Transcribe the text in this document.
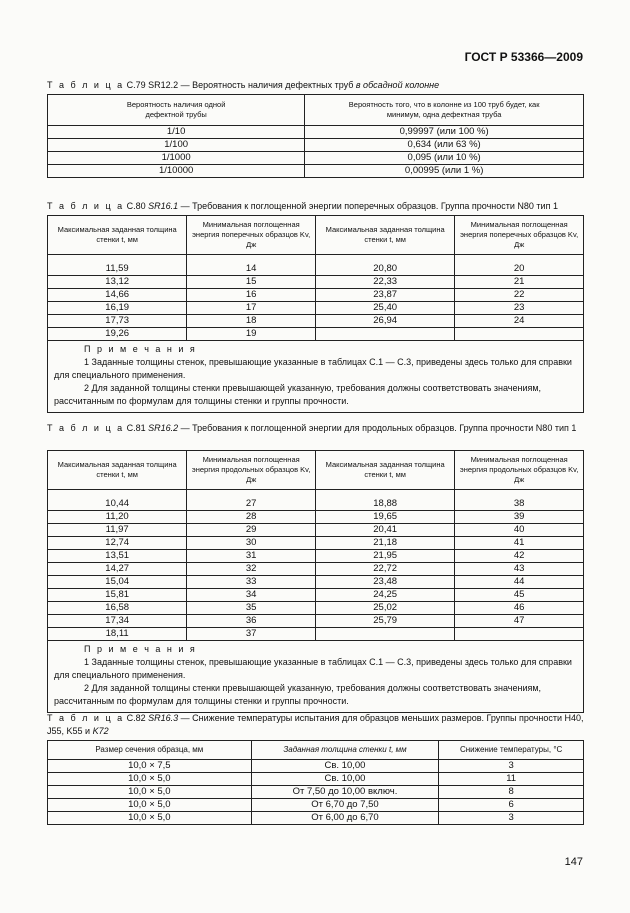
ГОСТ Р 53366—2009
Т а б л и ц а С.79 SR12.2 — Вероятность наличия дефектных труб в обсадной колонне
Вероятность наличия одной дефектной трубы	Вероятность того, что в колонне из 100 труб будет, как минимум, одна дефектная труба
1/10	0,99997 (или 100 %)
1/100	0,634 (или 63 %)
1/1000	0,095 (или 10 %)
1/10000	0,00995 (или 1 %)
Т а б л и ц а С.80 SR16.1 — Требования к поглощенной энергии поперечных образцов. Группа прочности N80 тип 1
Максимальная заданная толщина стенки t, мм	Минимальная поглощенная энергия поперечных образцов Kv, Дж	Максимальная заданная толщина стенки t, мм	Минимальная поглощенная энергия поперечных образцов Kv, Дж

11,59	14	20,80	20
13,12	15	22,33	21
14,66	16	23,87	22
16,19	17	25,40	23
17,73	18	26,94	24
19,26	19		

П р и м е ч а н и я

1 Заданные толщины стенок, превышающие указанные в таблицах С.1 — С.3, приведены здесь только для справки для специального применения.

2 Для заданной толщины стенки превышающей указанную, требования должны соответствовать значениям, рассчитанным по формулам для толщины стенки и группы прочности.			

Т а б л и ц а С.81 SR16.2 — Требования к поглощенной энергии для продольных образцов. Группа прочности N80 тип 1
Максимальная заданная толщина стенки t, мм	Минимальная поглощенная энергия продольных образцов Kv, Дж	Максимальная заданная толщина стенки t, мм	Минимальная поглощенная энергия продольных образцов Kv, Дж

10,44	27	18,88	38
11,20	28	19,65	39
11,97	29	20,41	40
12,74	30	21,18	41
13,51	31	21,95	42
14,27	32	22,72	43
15,04	33	23,48	44
15,81	34	24,25	45
16,58	35	25,02	46
17,34	36	25,79	47
18,11	37		

П р и м е ч а н и я

1 Заданные толщины стенок, превышающие указанные в таблицах С.1 — С.3, приведены здесь только для справки для специального применения.

2 Для заданной толщины стенки превышающей указанную, требования должны соответствовать значениям, рассчитанным по формулам для толщины стенки и группы прочности.			

Т а б л и ц а С.82 SR16.3 — Снижение температуры испытания для образцов меньших размеров. Группы прочности H40, J55, K55 и K72
Размер сечения образца, мм	Заданная толщина стенки t, мм	Снижение температуры, °С
10,0 × 7,5	Св. 10,00	3
10,0 × 5,0	Св. 10,00	11
10,0 × 5,0	От 7,50 до 10,00 включ.	8
10,0 × 5,0	От 6,70 до 7,50	6
10,0 × 5,0	От 6,00 до 6,70	3
147
